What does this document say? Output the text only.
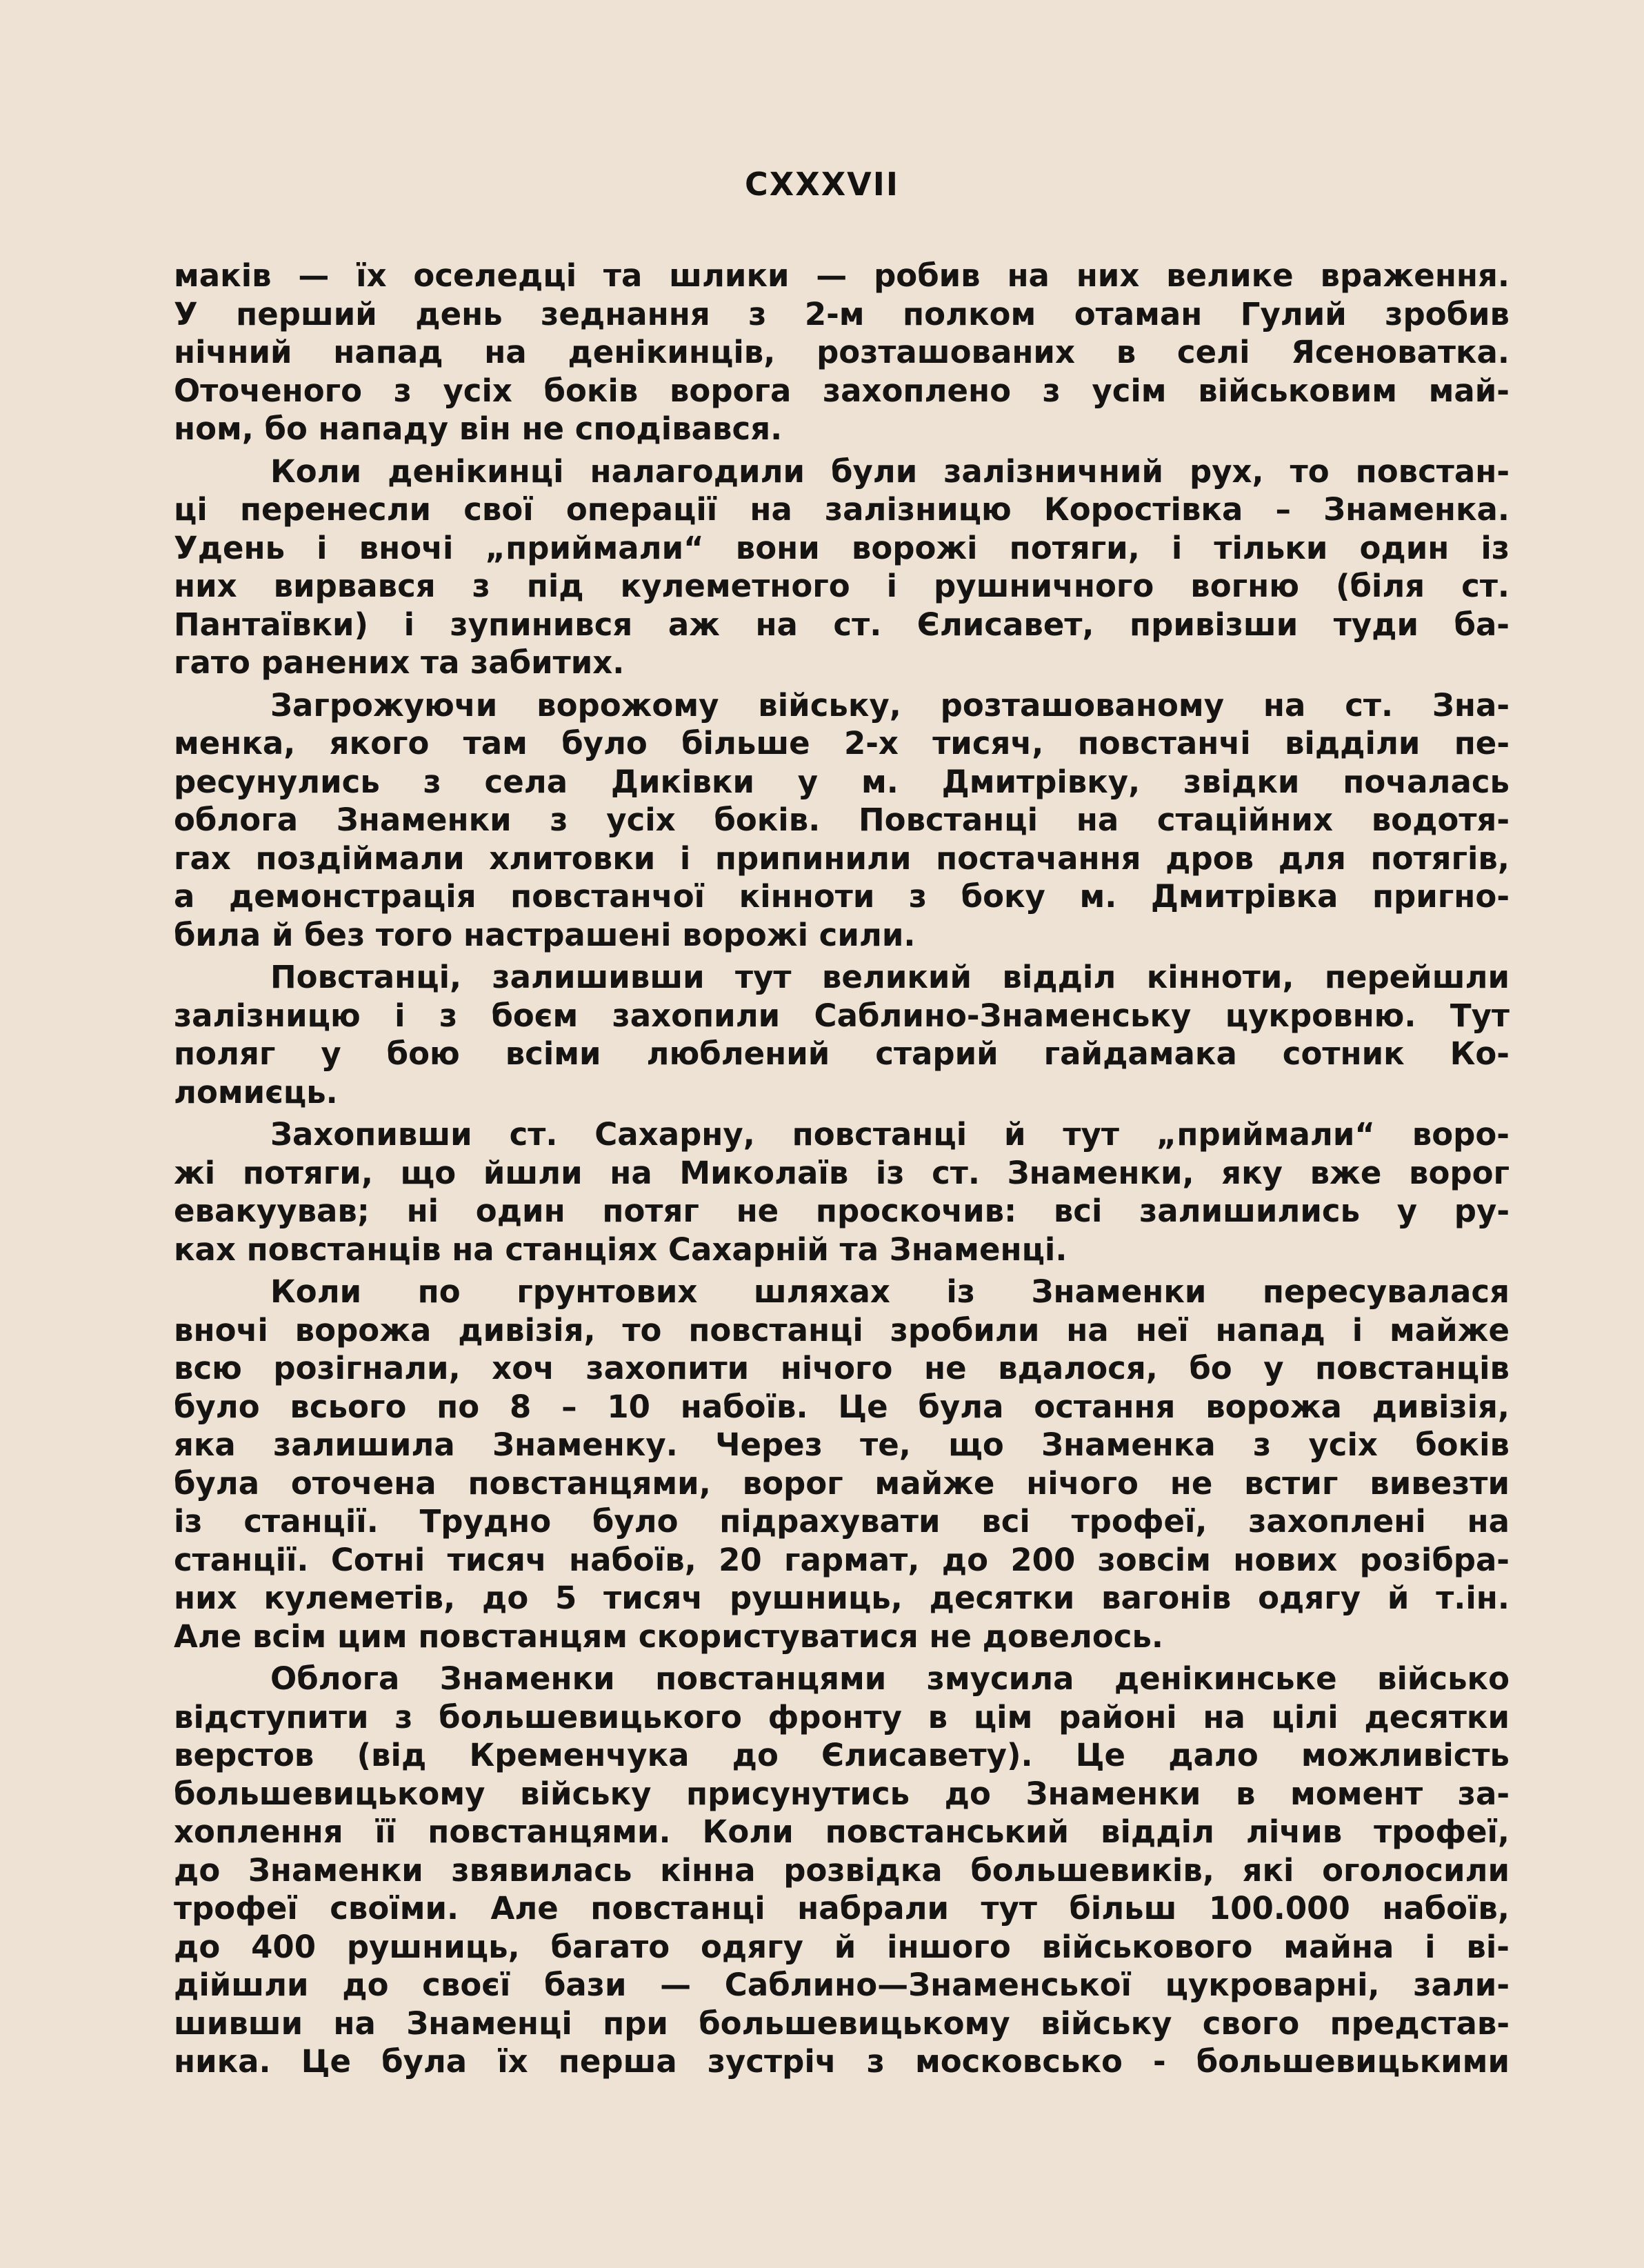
CXXXVII
маків — їх оселедці та шлики — робив на них велике враження.
У перший день зеднання з 2-м полком отаман Гулий зробив
нічний напад на денікинців, розташованих в селі Ясеноватка.
Оточеного з усіх боків ворога захоплено з усім військовим май-
ном, бо нападу він не сподівався.
Коли денікинці налагодили були залізничний рух, то повстан-
ці перенесли свої операції на залізницю Коростівка – Знаменка.
Удень і вночі „приймали“ вони ворожі потяги, і тільки один із
них вирвався з під кулеметного і рушничного вогню (біля ст.
Пантаївки) і зупинився аж на ст. Єлисавет, привізши туди ба-
гато ранених та забитих.
Загрожуючи ворожому війську, розташованому на ст. Зна-
менка, якого там було більше 2-х тисяч, повстанчі відділи пе-
ресунулись з села Диківки у м. Дмитрівку, звідки почалась
облога Знаменки з усіх боків. Повстанці на стаційних водотя-
гах поздіймали хлитовки і припинили постачання дров для потягів,
а демонстрація повстанчої кінноти з боку м. Дмитрівка пригно-
била й без того настрашені ворожі сили.
Повстанці, залишивши тут великий відділ кінноти, перейшли
залізницю і з боєм захопили Саблино-Знаменську цукровню. Тут
поляг у бою всіми люблений старий гайдамака сотник Ко-
ломиєць.
Захопивши ст. Сахарну, повстанці й тут „приймали“ воро-
жі потяги, що йшли на Миколаїв із ст. Знаменки, яку вже ворог
евакуував; ні один потяг не проскочив: всі залишились у ру-
ках повстанців на станціях Сахарній та Знаменці.
Коли по грунтових шляхах із Знаменки пересувалася
вночі ворожа дивізія, то повстанці зробили на неї напад і майже
всю розігнали, хоч захопити нічого не вдалося, бо у повстанців
було всього по 8 – 10 набоїв. Це була остання ворожа дивізія,
яка залишила Знаменку. Через те, що Знаменка з усіх боків
була оточена повстанцями, ворог майже нічого не встиг вивезти
із станції. Трудно було підрахувати всі трофеї, захоплені на
станції. Сотні тисяч набоїв, 20 гармат, до 200 зовсім нових розібра-
них кулеметів, до 5 тисяч рушниць, десятки вагонів одягу й т.ін.
Але всім цим повстанцям скористуватися не довелось.
Облога Знаменки повстанцями змусила денікинське військо
відступити з большевицького фронту в цім районі на цілі десятки
верстов (від Кременчука до Єлисавету). Це дало можливість
большевицькому війську присунутись до Знаменки в момент за-
хоплення її повстанцями. Коли повстанський відділ лічив трофеї,
до Знаменки звявилась кінна розвідка большевиків, які оголосили
трофеї своїми. Але повстанці набрали тут більш 100.000 набоїв,
до 400 рушниць, багато одягу й іншого військового майна і ві-
дійшли до своєї бази — Саблино—Знаменської цукроварні, зали-
шивши на Знаменці при большевицькому війську свого представ-
ника. Це була їх перша зустріч з московсько - большевицькими
